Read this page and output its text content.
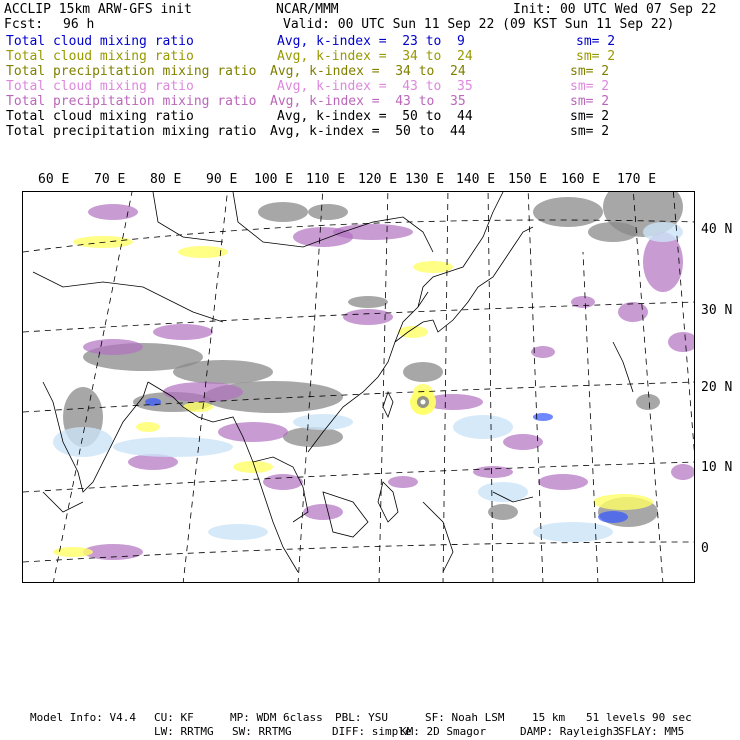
ACCLIP 15km ARW-GFS init	NCAR/MMM	Init: 00 UTC Wed 07 Sep 22
Fcst: 96 h	Valid: 00 UTC Sun 11 Sep 22 (09 KST Sun 11 Sep 22)
Total cloud mixing ratio	Avg, k-index =  23 to  9	sm= 2
Total cloud mixing ratio	Avg, k-index =  34 to  24	sm= 2
Total precipitation mixing ratio Avg, k-index =  34 to  24	sm= 2
Total cloud mixing ratio	Avg, k-index =  43 to  35	sm= 2
Total precipitation mixing ratio Avg, k-index =  43 to  35	sm= 2
Total cloud mixing ratio	Avg, k-index =  50 to  44	sm= 2
Total precipitation mixing ratio Avg, k-index =  50 to  44	sm= 2
60 E 70 E 80 E 90 E 100 E 110 E 120 E 130 E 140 E 150 E 160 E 170 E
40 N
30 N
20 N
10 N
0
Model Info: V4.4 CU: KF	MP: WDM 6class PBL: YSU	SF: Noah LSM	15 km 51 levels 90 sec
LW: RRTMG SW: RRTMG	DIFF: simple
KM: 2D Smagor	DAMP: Rayleigh3
SFLAY: MM5
